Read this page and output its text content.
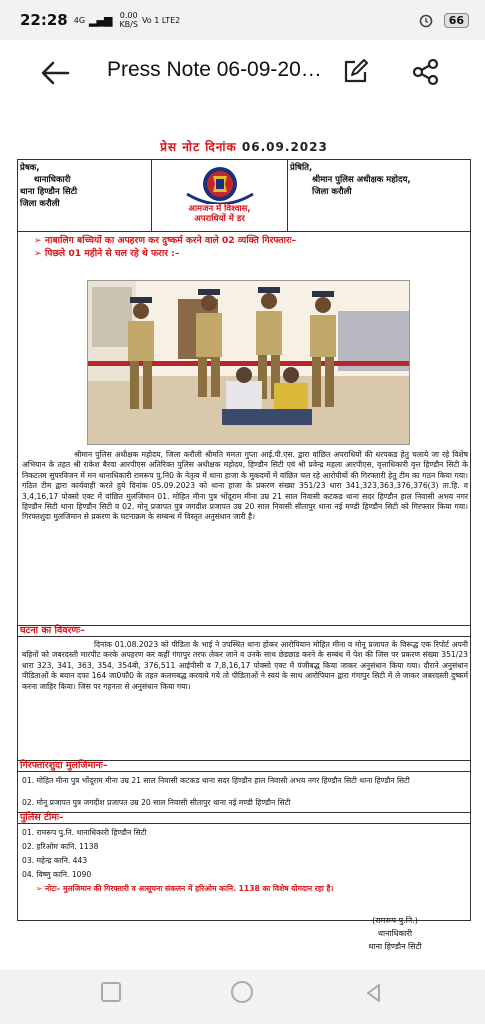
22:28 4G ▂▄▆ 0.00
KB/S Vo 1 LTE2	66
Press Note 06-09-20…
प्रेस नोट दिनांक 06.09.2023
प्रेषक,
थानाधिकारी
थाना हिण्डौन सिटी
जिला करौली	आमजन में विश्वास,
अपराधियों में डर
प्रेषिति,
श्रीमान पुलिस अधीक्षक महोदय,
जिला करौली
➢ नाबालिग बच्चियों का अपहरण कर दुष्कर्म करने वाले 02 व्यक्ति गिरफ्तारः–
➢ पिछले 01 महीने से चल रहे थे फरार :–
श्रीमान पुलिस अधीक्षक महोदय, जिला करौली श्रीमति ममता गुप्ता आई.पी.एस. द्वारा वांछित अपराधियों की धरपकड हेतु चलाये जा रहे विशेष अभियान के तहत श्री राकेश बैरवा आरपीएस अतिरिक्त पुलिस अधीक्षक महोदय, हिण्डौन सिटी एवं श्री प्रवेन्द्र महला आरपीएस, वृत्ताधिकारी वृत्त हिण्डौन सिटी के निकटतम सुपरविजन में मन थानाधिकारी रामरूप पु.नि0 के नेतृत्व में थाना हाजा के मुकदमों में वांछित चल रहे आरोपीयों की गिरफ्तारी हेतु टीम का गठन किया गया। गठित टीम द्वारा कार्यवाही करते हुये दिनांक 05.09.2023 को थाना हाजा के प्रकरण संख्या 351/23 धारा 341,323,363,376,376(3) ता.हि. व 3,4,16,17 पोक्सो एक्ट में वांछित मुलजिमान 01. मोहित मीना पुत्र भोंदूराम मीना उम्र 21 साल निवासी कटकड थाना सदर हिण्डौन हाल निवासी अभय नगर हिण्डौन सिटी थाना हिण्डौन सिटी व 02. मोनू प्रजापत पुत्र जगदीश प्रजापत उम्र 20 साल निवासी सीतापुर थाना नई मण्डी हिण्डौन सिटी को गिरफ्तार किया गया। गिरफ्तशुदा मुलजिमान से प्रकरण के घटनाक्रम के सम्बन्ध में विस्तृत अनुसंधान जारी है।
घटना का विवरणः–
दिनांक 01.08.2023 को पीडिता के भाई ने उपस्थित थाना होकर आरोपियान मोहित मीना व मोनू प्रजापत के विरूद्ध एक रिपोर्ट अपनी बहिनों को जबरदस्ती मारपीट करके अपहरण कर कहीं गंगापुर तरफ लेकर जाने व उनके साथ छेडछाड करने के सम्बंध में पेश की जिस पर प्रकरण संख्या 351/23 धारा 323, 341, 363, 354, 354बी, 376,511 आईपीसी व 7,8,16,17 पोक्सो एक्ट में पंजीबद्ध किया जाकर अनुसंधान किया गया। दौराने अनुसंधान पीडिताओं के बयान दफा 164 जा0फौ0 के तहत कलमबद्ध करवाये गये तो पीडिताओं ने स्वयं के साथ आरोपियान द्वारा गंगापुर सिटी में ले जाकर जबरदस्ती दुष्कर्म करना जाहिर किया। जिस पर गहनता से अनुसंधान किया गया।
गिरफ्तारशुदा मुलजिमानः–
01. मोहित मीना पुत्र भोंदूराम मीना उम्र 21 साल निवासी कटकड थाना सदर हिण्डौन हाल निवासी अभय नगर हिण्डौन सिटी थाना हिण्डौन सिटी
02. मोनू प्रजापत पुत्र जगदीश प्रजापत उम्र 20 साल निवासी सीतापुर थाना नई मण्डी हिण्डौन सिटी
पुलिस टीमः–
01. रामरूप पु.नि. थानाधिकारी हिण्डौन सिटी
02. हरिओम कानि. 1138
03. महेन्द्र कानि. 443
04. विष्णु कानि. 1090
➢ नोटः– मुलजिमान की गिरफ्तारी व आसूचना संकलन में हरिओम कानि. 1138 का विशेष योगदान रहा है।
(रामरूप पु.नि.)
थानाधिकारी
थाना हिण्डौन सिटी
